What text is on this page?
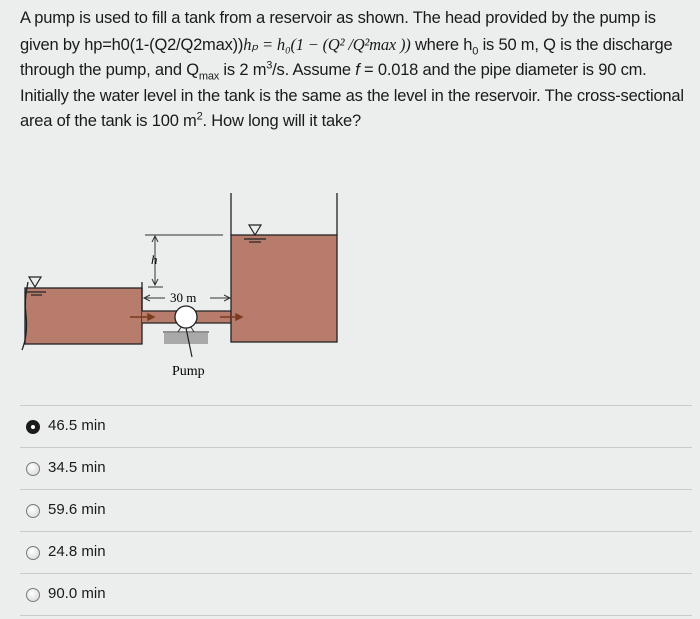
A pump is used to fill a tank from a reservoir as shown. The head provided by the pump is given by hp=h0(1-(Q2/Q2max))hₚ = h₀(1 − (Q² /Q²max )) where $h_0$ is 50 m, Q is the discharge through the pump, and $Q_{max}$ is 2 $m^3/s$. Assume f = 0.018 and the pipe diameter is 90 cm. Initially the water level in the tank is the same as the level in the reservoir. The cross-sectional area of the tank is 100 $m^2$. How long will it take?
h
30 m
Pump
46.5 min
34.5 min
59.6 min
24.8 min
90.0 min
